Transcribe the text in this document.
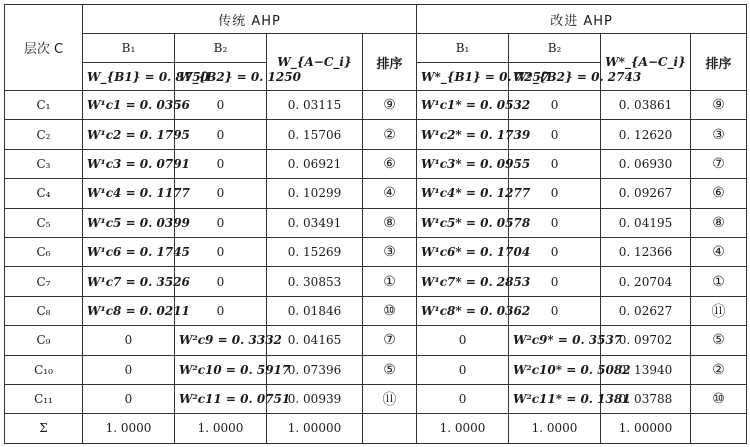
层次 C	传统 AHP				改进 AHP			
	B₁	B₂	W_{A−C_i}	排序	B₁	B₂	W*_{A−C_i}	排序
	W_{B1} = 0. 8750	W_{B2} = 0. 1250			W*_{B1} = 0. 7257	W*_{B2} = 0. 2743		
C₁	W¹c1 = 0. 0356	0	0. 03115	⑨	W¹c1* = 0. 0532	0	0. 03861	⑨
C₂	W¹c2 = 0. 1795	0	0. 15706	②	W¹c2* = 0. 1739	0	0. 12620	③
C₃	W¹c3 = 0. 0791	0	0. 06921	⑥	W¹c3* = 0. 0955	0	0. 06930	⑦
C₄	W¹c4 = 0. 1177	0	0. 10299	④	W¹c4* = 0. 1277	0	0. 09267	⑥
C₅	W¹c5 = 0. 0399	0	0. 03491	⑧	W¹c5* = 0. 0578	0	0. 04195	⑧
C₆	W¹c6 = 0. 1745	0	0. 15269	③	W¹c6* = 0. 1704	0	0. 12366	④
C₇	W¹c7 = 0. 3526	0	0. 30853	①	W¹c7* = 0. 2853	0	0. 20704	①
C₈	W¹c8 = 0. 0211	0	0. 01846	⑩	W¹c8* = 0. 0362	0	0. 02627	⑪
C₉	0	W²c9 = 0. 3332	0. 04165	⑦	0	W²c9* = 0. 3537	0. 09702	⑤
C₁₀	0	W²c10 = 0. 5917	0. 07396	⑤	0	W²c10* = 0. 5082	0. 13940	②
C₁₁	0	W²c11 = 0. 0751	0. 00939	⑪	0	W²c11* = 0. 1381	0. 03788	⑩
Σ	1. 0000	1. 0000	1. 00000		1. 0000	1. 0000	1. 00000	
